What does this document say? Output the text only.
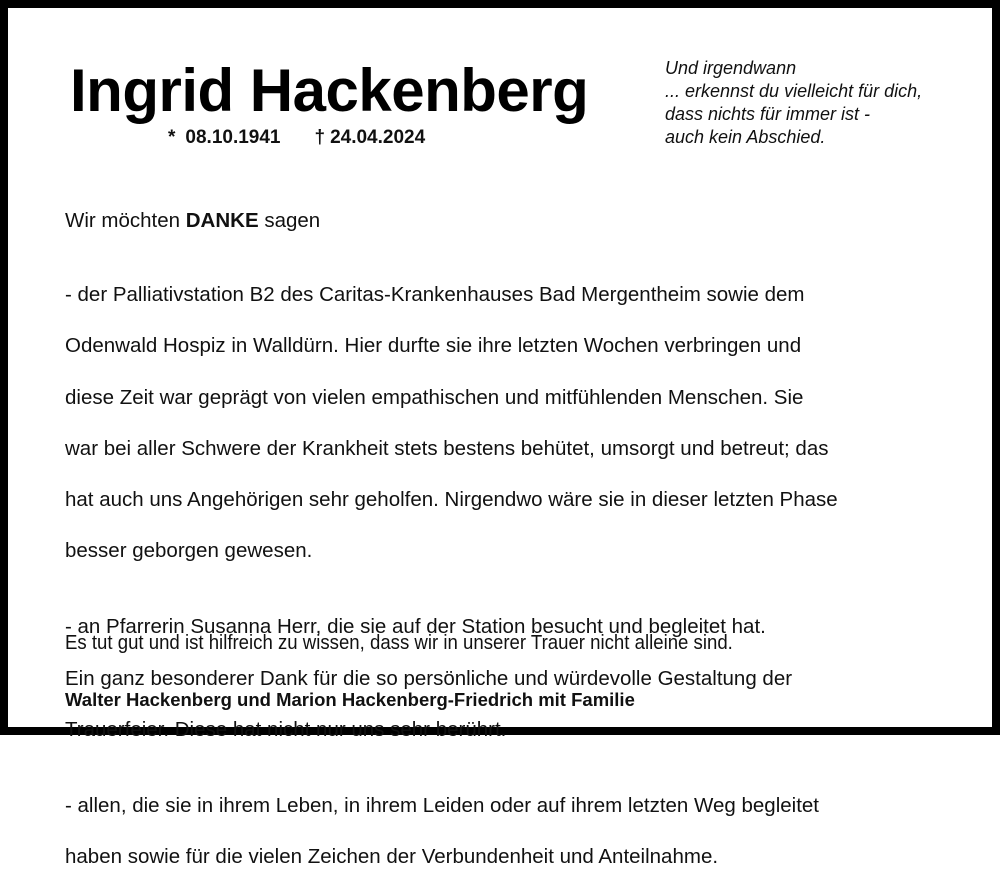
Ingrid Hackenberg
* 08.10.1941 † 24.04.2024
Und irgendwann
... erkennst du vielleicht für dich,
dass nichts für immer ist -
auch kein Abschied.

Wir möchten DANKE sagen

- der Palliativstation B2 des Caritas-Krankenhauses Bad Mergentheim sowie dem

Odenwald Hospiz in Walldürn. Hier durfte sie ihre letzten Wochen verbringen und

diese Zeit war geprägt von vielen empathischen und mitfühlenden Menschen. Sie

war bei aller Schwere der Krankheit stets bestens behütet, umsorgt und betreut; das

hat auch uns Angehörigen sehr geholfen. Nirgendwo wäre sie in dieser letzten Phase

besser geborgen gewesen.

- an Pfarrerin Susanna Herr, die sie auf der Station besucht und begleitet hat.

Ein ganz besonderer Dank für die so persönliche und würdevolle Gestaltung der

Trauerfeier. Diese hat nicht nur uns sehr berührt.

- allen, die sie in ihrem Leben, in ihrem Leiden oder auf ihrem letzten Weg begleitet

haben sowie für die vielen Zeichen der Verbundenheit und Anteilnahme.

Es tut gut und ist hilfreich zu wissen, dass wir in unserer Trauer nicht alleine sind.
Walter Hackenberg und Marion Hackenberg-Friedrich mit Familie
